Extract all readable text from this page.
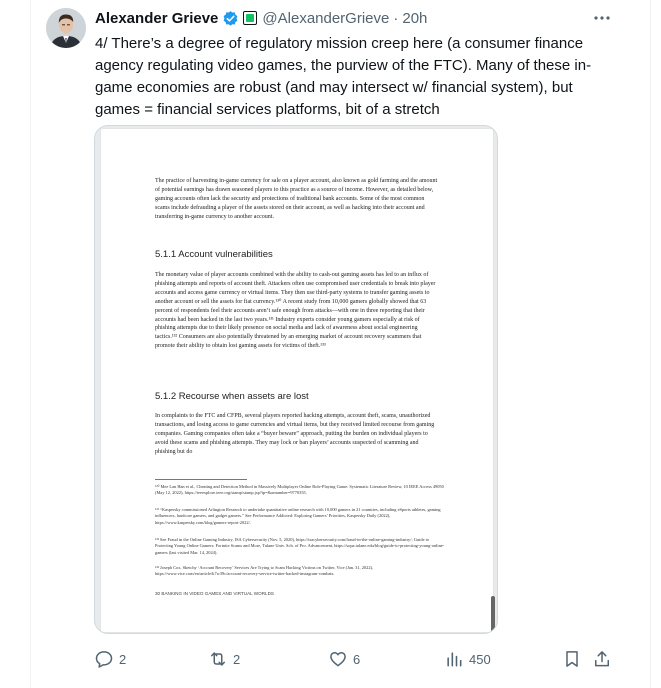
Alexander Grieve	@AlexanderGrieve · 20h
4/ There’s a degree of regulatory mission creep here (a consumer finance agency regulating video games, the purview of the FTC). Many of these in-game economies are robust (and may intersect w/ financial system), but games = financial services platforms, bit of a stretch
The practice of harvesting in-game currency for sale on a player account, also known as gold farming and the amount of potential earnings has drawn seasoned players to this practice as a source of income. However, as detailed below, gaming accounts often lack the security and protections of traditional bank accounts. Some of the most common scams include defrauding a player of the assets stored on their account, as well as hacking into their account and transferring in-game currency to another account.
5.1.1 Account vulnerabilities
The monetary value of player accounts combined with the ability to cash-out gaming assets has led to an influx of phishing attempts and reports of account theft. Attackers often use compromised user credentials to break into player accounts and access game currency or virtual items. They then use third-party systems to transfer gaming assets to another account or sell the assets for fiat currency.¹³⁰ A recent study from 10,000 gamers globally showed that 63 percent of respondents feel their accounts aren’t safe enough from attacks—with one in three reporting that their accounts had been hacked in the last two years.¹³¹ Industry experts consider young gamers especially at risk of phishing attempts due to their likely presence on social media and lack of awareness about social engineering tactics.¹³² Consumers are also potentially threatened by an emerging market of account recovery scammers that promote their ability to obtain lost gaming assets for victims of theft.¹³³
5.1.2 Recourse when assets are lost
In complaints to the FTC and CFPB, several players reported hacking attempts, account theft, scams, unauthorized transactions, and losing access to game currencies and virtual items, but they received limited recourse from gaming companies. Gaming companies often take a “buyer beware” approach, putting the burden on individual players to avoid these scams and phishing attempts. They may lock or ban players’ accounts suspected of scamming and phishing but do
¹³⁰ Mee Lan Han et al., Cheating and Detection Method in Massively Multiplayer Online Role-Playing Game: Systematic Literature Review, 10 IEEE Access 49050 (May 12, 2022), https://ieeexplore.ieee.org/stamp/stamp.jsp?tp=&arnumber=9770355.
¹³¹ “Kaspersky commissioned Arlington Research to undertake quantitative online research with 10,000 gamers in 21 countries, including eSports athletes, gaming influencers, hardcore gamers, and gadget gamers.” See Performance Addicted: Exploring Gamers’ Priorities, Kaspersky Daily (2022), https://www.kaspersky.com/blog/gamers-report-2022/.
¹³² See Fraud in the Online Gaming Industry, ISA Cybersecurity (Nov. 5, 2020), https://isacybersecurity.com/fraud-in-the-online-gaming-industry/; Guide to Protecting Young Online Gamers: Fortnite Scams and More, Tulane Univ. Sch. of Pro. Advancement, https://sopa.tulane.edu/blog/guide-to-protecting-young-online-gamers (last visited Mar. 14, 2024).
¹³³ Joseph Cox, Sketchy ‘Account Recovery’ Services Are Trying to Scam Hacking Victims on Twitter, Vice (Jan. 31, 2022), https://www.vice.com/en/article/k7w39c/account-recovery-service-twitter-hacked-instagram-combats.
30 BANKING IN VIDEO GAMES AND VIRTUAL WORLDS
2	2	6	450
